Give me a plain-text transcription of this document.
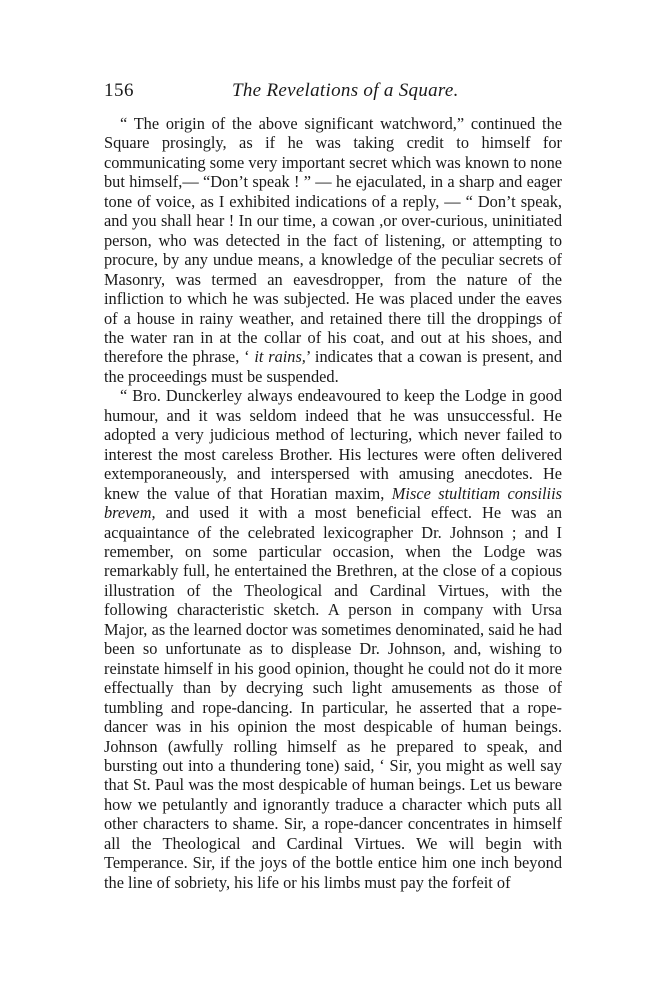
156	The Revelations of a Square.

“ The origin of the above significant watchword,” continued the Square prosingly, as if he was taking credit to himself for communicating some very important secret which was known to none but himself,— “Don’t speak ! ” — he ejaculated, in a sharp and eager tone of voice, as I exhibited indications of a reply, — “ Don’t speak, and you shall hear ! In our time, a cowan ,or over-curious, uninitiated person, who was detected in the fact of listening, or attempting to procure, by any undue means, a knowledge of the peculiar secrets of Masonry, was termed an eavesdropper, from the nature of the infliction to which he was subjected. He was placed under the eaves of a house in rainy weather, and retained there till the droppings of the water ran in at the collar of his coat, and out at his shoes, and therefore the phrase, ‘ it rains,’ indicates that a cowan is present, and the proceedings must be suspended.

“ Bro. Dunckerley always endeavoured to keep the Lodge in good humour, and it was seldom indeed that he was unsuccessful. He adopted a very judicious method of lecturing, which never failed to interest the most careless Brother. His lectures were often delivered extemporaneously, and interspersed with amusing anecdotes. He knew the value of that Horatian maxim, Misce stultitiam consiliis brevem, and used it with a most beneficial effect. He was an acquaintance of the celebrated lexicographer Dr. Johnson ; and I remember, on some particular occasion, when the Lodge was remarkably full, he entertained the Brethren, at the close of a copious illustration of the Theological and Cardinal Virtues, with the following characteristic sketch. A person in company with Ursa Major, as the learned doctor was sometimes denominated, said he had been so unfortunate as to displease Dr. Johnson, and, wishing to reinstate himself in his good opinion, thought he could not do it more effectually than by decrying such light amusements as those of tumbling and rope-dancing. In particular, he asserted that a rope-dancer was in his opinion the most despicable of human beings. Johnson (awfully rolling himself as he prepared to speak, and bursting out into a thundering tone) said, ‘ Sir, you might as well say that St. Paul was the most despicable of human beings. Let us beware how we petulantly and ignorantly traduce a character which puts all other characters to shame. Sir, a rope-dancer concentrates in himself all the Theological and Cardinal Virtues. We will begin with Temperance. Sir, if the joys of the bottle entice him one inch beyond the line of sobriety, his life or his limbs must pay the forfeit of
